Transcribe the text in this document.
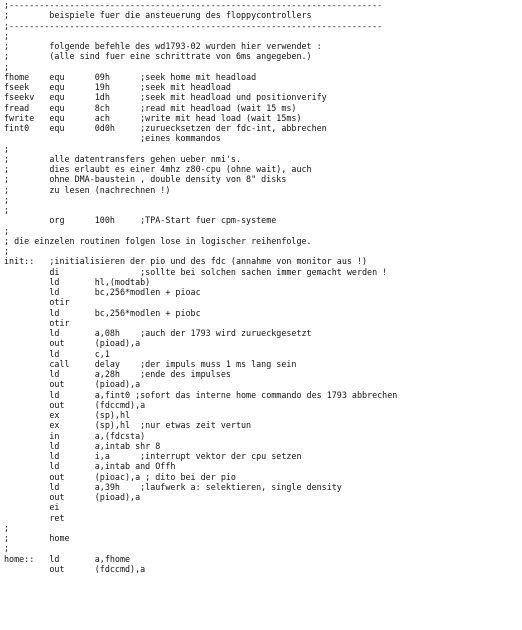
;--------------------------------------------------------------------------
;        beispiele fuer die ansteuerung des floppycontrollers
;--------------------------------------------------------------------------
;
;        folgende befehle des wd1793-02 wurden hier verwendet :
;        (alle sind fuer eine schrittrate von 6ms angegeben.)
;
fhome    equ      09h      ;seek home mit headload
fseek    equ      19h      ;seek mit headload
fseekv   equ      1dh      ;seek mit headload und positionverify
fread    equ      8ch      ;read mit headload (wait 15 ms)
fwrite   equ      ach      ;write mit head load (wait 15ms)
fint0    equ      0d0h     ;zuruecksetzen der fdc-int, abbrechen
;eines kommandos
;
;        alle datentransfers gehen ueber nmi's.
;        dies erlaubt es einer 4mhz z80-cpu (ohne wait), auch
;        ohne DMA-baustein , double density von 8" disks
;        zu lesen (nachrechnen !)
;
;
org      100h     ;TPA-Start fuer cpm-systeme
;
; die einzelen routinen folgen lose in logischer reihenfolge.
;
init::   ;initialisieren der pio und des fdc (annahme von monitor aus !)
di                ;sollte bei solchen sachen immer gemacht werden !
ld       hl,(modtab)
ld       bc,256*modlen + pioac
otir
ld       bc,256*modlen + piobc
otir
ld       a,08h    ;auch der 1793 wird zurueckgesetzt
out      (pioad),a
ld       c,1
call     delay    ;der impuls muss 1 ms lang sein
ld       a,28h    ;ende des impulses
out      (pioad),a
ld       a,fint0 ;sofort das interne home commando des 1793 abbrechen
out      (fdccmd),a
ex       (sp),hl
ex       (sp),hl  ;nur etwas zeit vertun
in       a,(fdcsta)
ld       a,intab shr 8
ld       i,a      ;interrupt vektor der cpu setzen
ld       a,intab and Offh
out      (pioac),a ; dito bei der pio
ld       a,39h    ;laufwerk a: selektieren, single density
out      (pioad),a
ei
ret
;
;        home
;
home::   ld       a,fhome
out      (fdccmd),a
